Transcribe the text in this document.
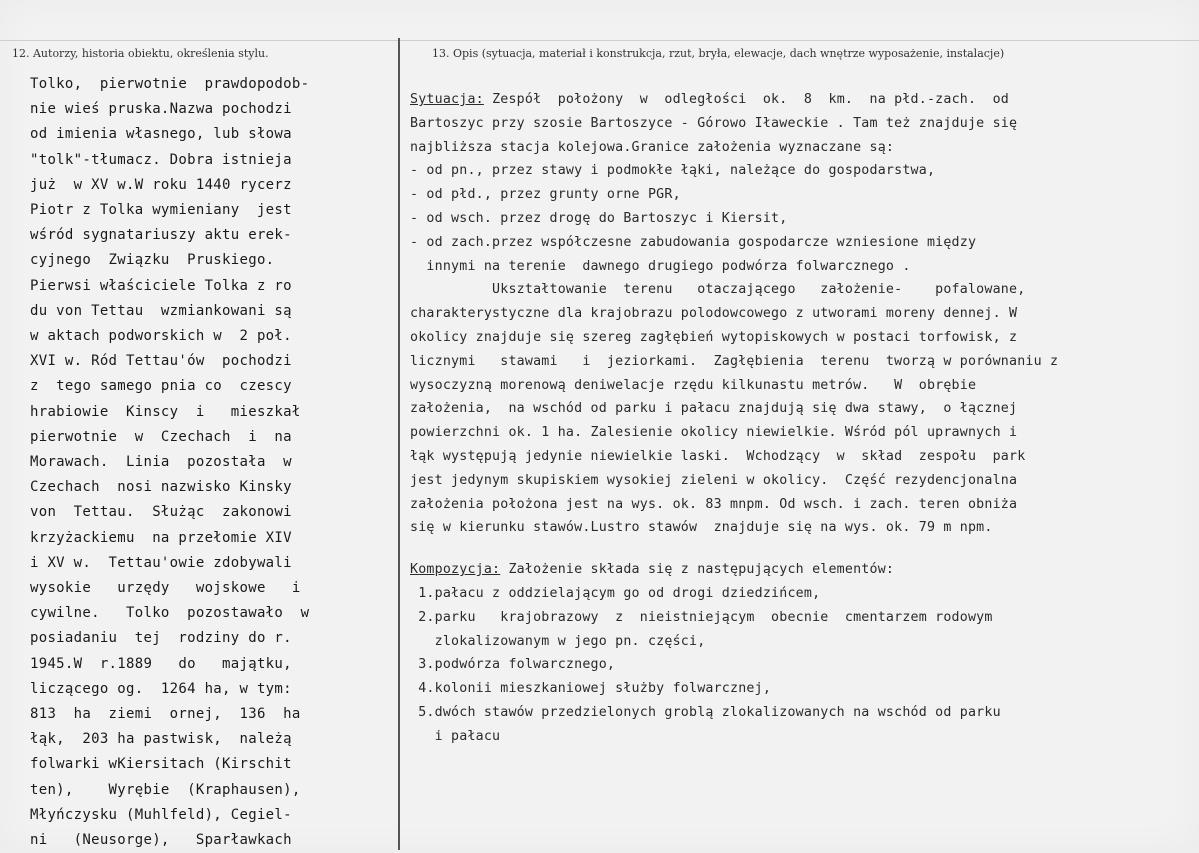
12. Autorzy, historia obiektu, określenia stylu.	13. Opis (sytuacja, materiał i konstrukcja, rzut, bryła, elewacje, dach wnętrze wyposażenie, instalacje)
Tolko,  pierwotnie  prawdopodob-
nie wieś pruska.Nazwa pochodzi
od imienia własnego, lub słowa
"tolk"-tłumacz. Dobra istnieja
już  w XV w.W roku 1440 rycerz
Piotr z Tolka wymieniany  jest
wśród sygnatariuszy aktu erek-
cyjnego  Związku  Pruskiego.
Pierwsi właściciele Tolka z ro
du von Tettau  wzmiankowani są
w aktach podworskich w  2 poł.
XVI w. Ród Tettau'ów  pochodzi
z  tego samego pnia co  czescy
hrabiowie  Kinscy  i   mieszkał
pierwotnie  w  Czechach  i  na
Morawach.  Linia  pozostała  w
Czechach  nosi nazwisko Kinsky
von  Tettau.  Służąc  zakonowi
krzyżackiemu  na przełomie XIV
i XV w.  Tettau'owie zdobywali
wysokie   urzędy   wojskowe   i
cywilne.   Tolko  pozostawało  w
posiadaniu  tej  rodziny do r.
1945.W  r.1889   do   majątku,
liczącego og.  1264 ha, w tym:
813  ha  ziemi  ornej,  136  ha
łąk,  203 ha pastwisk,  należą
folwarki wKiersitach (Kirschit
ten),    Wyrębie  (Kraphausen),
Młyńczysku (Muhlfeld), Cegiel-
ni   (Neusorge),   Sparławkach
Sytuacja: Zespół  położony  w  odległości  ok.  8  km.  na płd.-zach.  od
Bartoszyc przy szosie Bartoszyce - Górowo Iławeckie . Tam też znajduje się
najbliższa stacja kolejowa.Granice założenia wyznaczane są:
- od pn., przez stawy i podmokłe łąki, należące do gospodarstwa,
- od płd., przez grunty orne PGR,
- od wsch. przez drogę do Bartoszyc i Kiersit,
- od zach.przez współczesne zabudowania gospodarcze wzniesione między
innymi na terenie  dawnego drugiego podwórza folwarcznego .
Ukształtowanie  terenu   otaczającego   założenie-    pofalowane,
charakterystyczne dla krajobrazu polodowcowego z utworami moreny dennej. W
okolicy znajduje się szereg zagłębień wytopiskowych w postaci torfowisk, z
licznymi   stawami   i  jeziorkami.  Zagłębienia  terenu  tworzą w porównaniu z
wysoczyzną morenową deniwelacje rzędu kilkunastu metrów.   W  obrębie
założenia,  na wschód od parku i pałacu znajdują się dwa stawy,  o łącznej
powierzchni ok. 1 ha. Zalesienie okolicy niewielkie. Wśród pól uprawnych i
łąk występują jedynie niewielkie laski.  Wchodzący  w  skład  zespołu  park
jest jedynym skupiskiem wysokiej zieleni w okolicy.  Część rezydencjonalna
założenia położona jest na wys. ok. 83 mnpm. Od wsch. i zach. teren obniża
się w kierunku stawów.Lustro stawów  znajduje się na wys. ok. 79 m npm.
Kompozycja: Założenie składa się z następujących elementów:
1.pałacu z oddzielającym go od drogi dziedzińcem,
2.parku   krajobrazowy  z  nieistniejącym  obecnie  cmentarzem rodowym
zlokalizowanym w jego pn. części,
3.podwórza folwarcznego,
4.kolonii mieszkaniowej służby folwarcznej,
5.dwóch stawów przedzielonych groblą zlokalizowanych na wschód od parku
i pałacu
